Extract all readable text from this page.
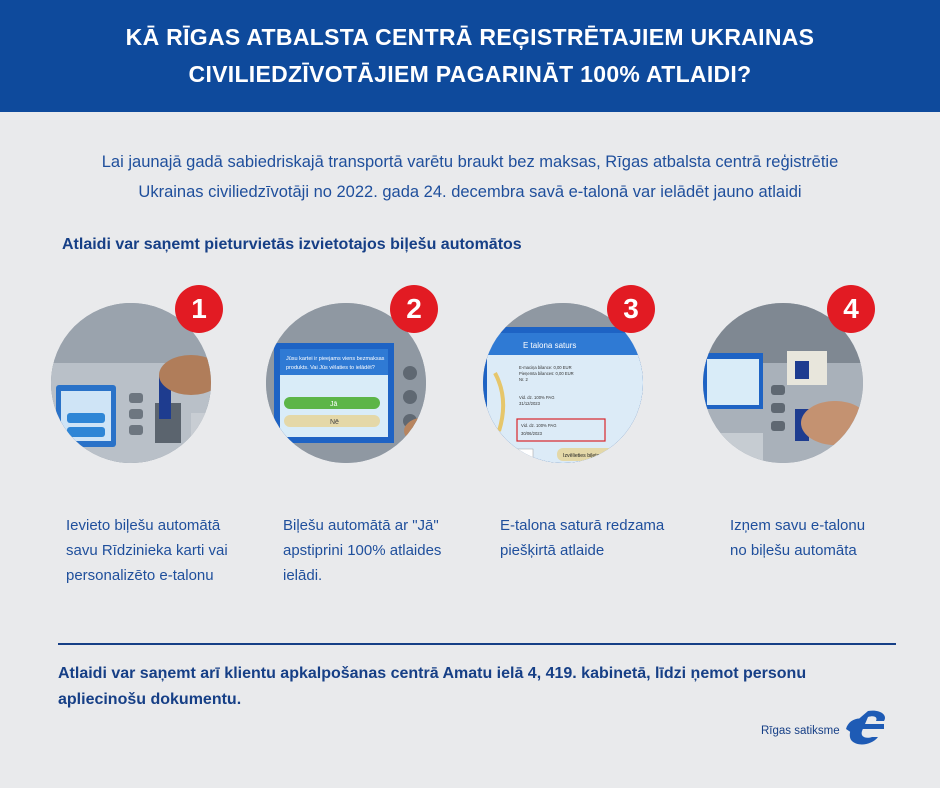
KĀ RĪGAS ATBALSTA CENTRĀ REĢISTRĒTAJIEM UKRAINAS
CIVILIEDZĪVOTĀJIEM PAGARINĀT 100% ATLAIDI?
Lai jaunajā gadā sabiedriskajā transportā varētu braukt bez maksas, Rīgas atbalsta centrā reģistrētie
Ukrainas civiliedzīvotāji no 2022. gada 24. decembra savā e-talonā var ielādēt jauno atlaidi
Atlaidi var saņemt pieturvietās izvietotajos biļešu automātos
1
Ievieto biļešu automātā
savu Rīdzinieka karti vai
personalizēto e-talonu
Jūsu kartei ir pieejams viens bezmaksas
produkts. Vai Jūs vēlaties to ielādēt?
Jā
Nē
2
Biļešu automātā ar "Jā"
apstiprini 100% atlaides
ielādi.
E talona saturs
E-maciņa bilance: 0,00 EUR
Pieņemta bilances: 0,00 EUR
Nr. 2
Vid. dz. 100% PAG
31/12/2023
Vid. dz. 100% PAG
30/06/2023
Izvēlieties biļetes veidu
3
E-talona saturā redzama
piešķirtā atlaide
4
Izņem savu e-talonu
no biļešu automāta
Atlaidi var saņemt arī klientu apkalpošanas centrā Amatu ielā 4, 419. kabinetā, līdzi ņemot personu
apliecinošu dokumentu.
Rīgas satiksme
